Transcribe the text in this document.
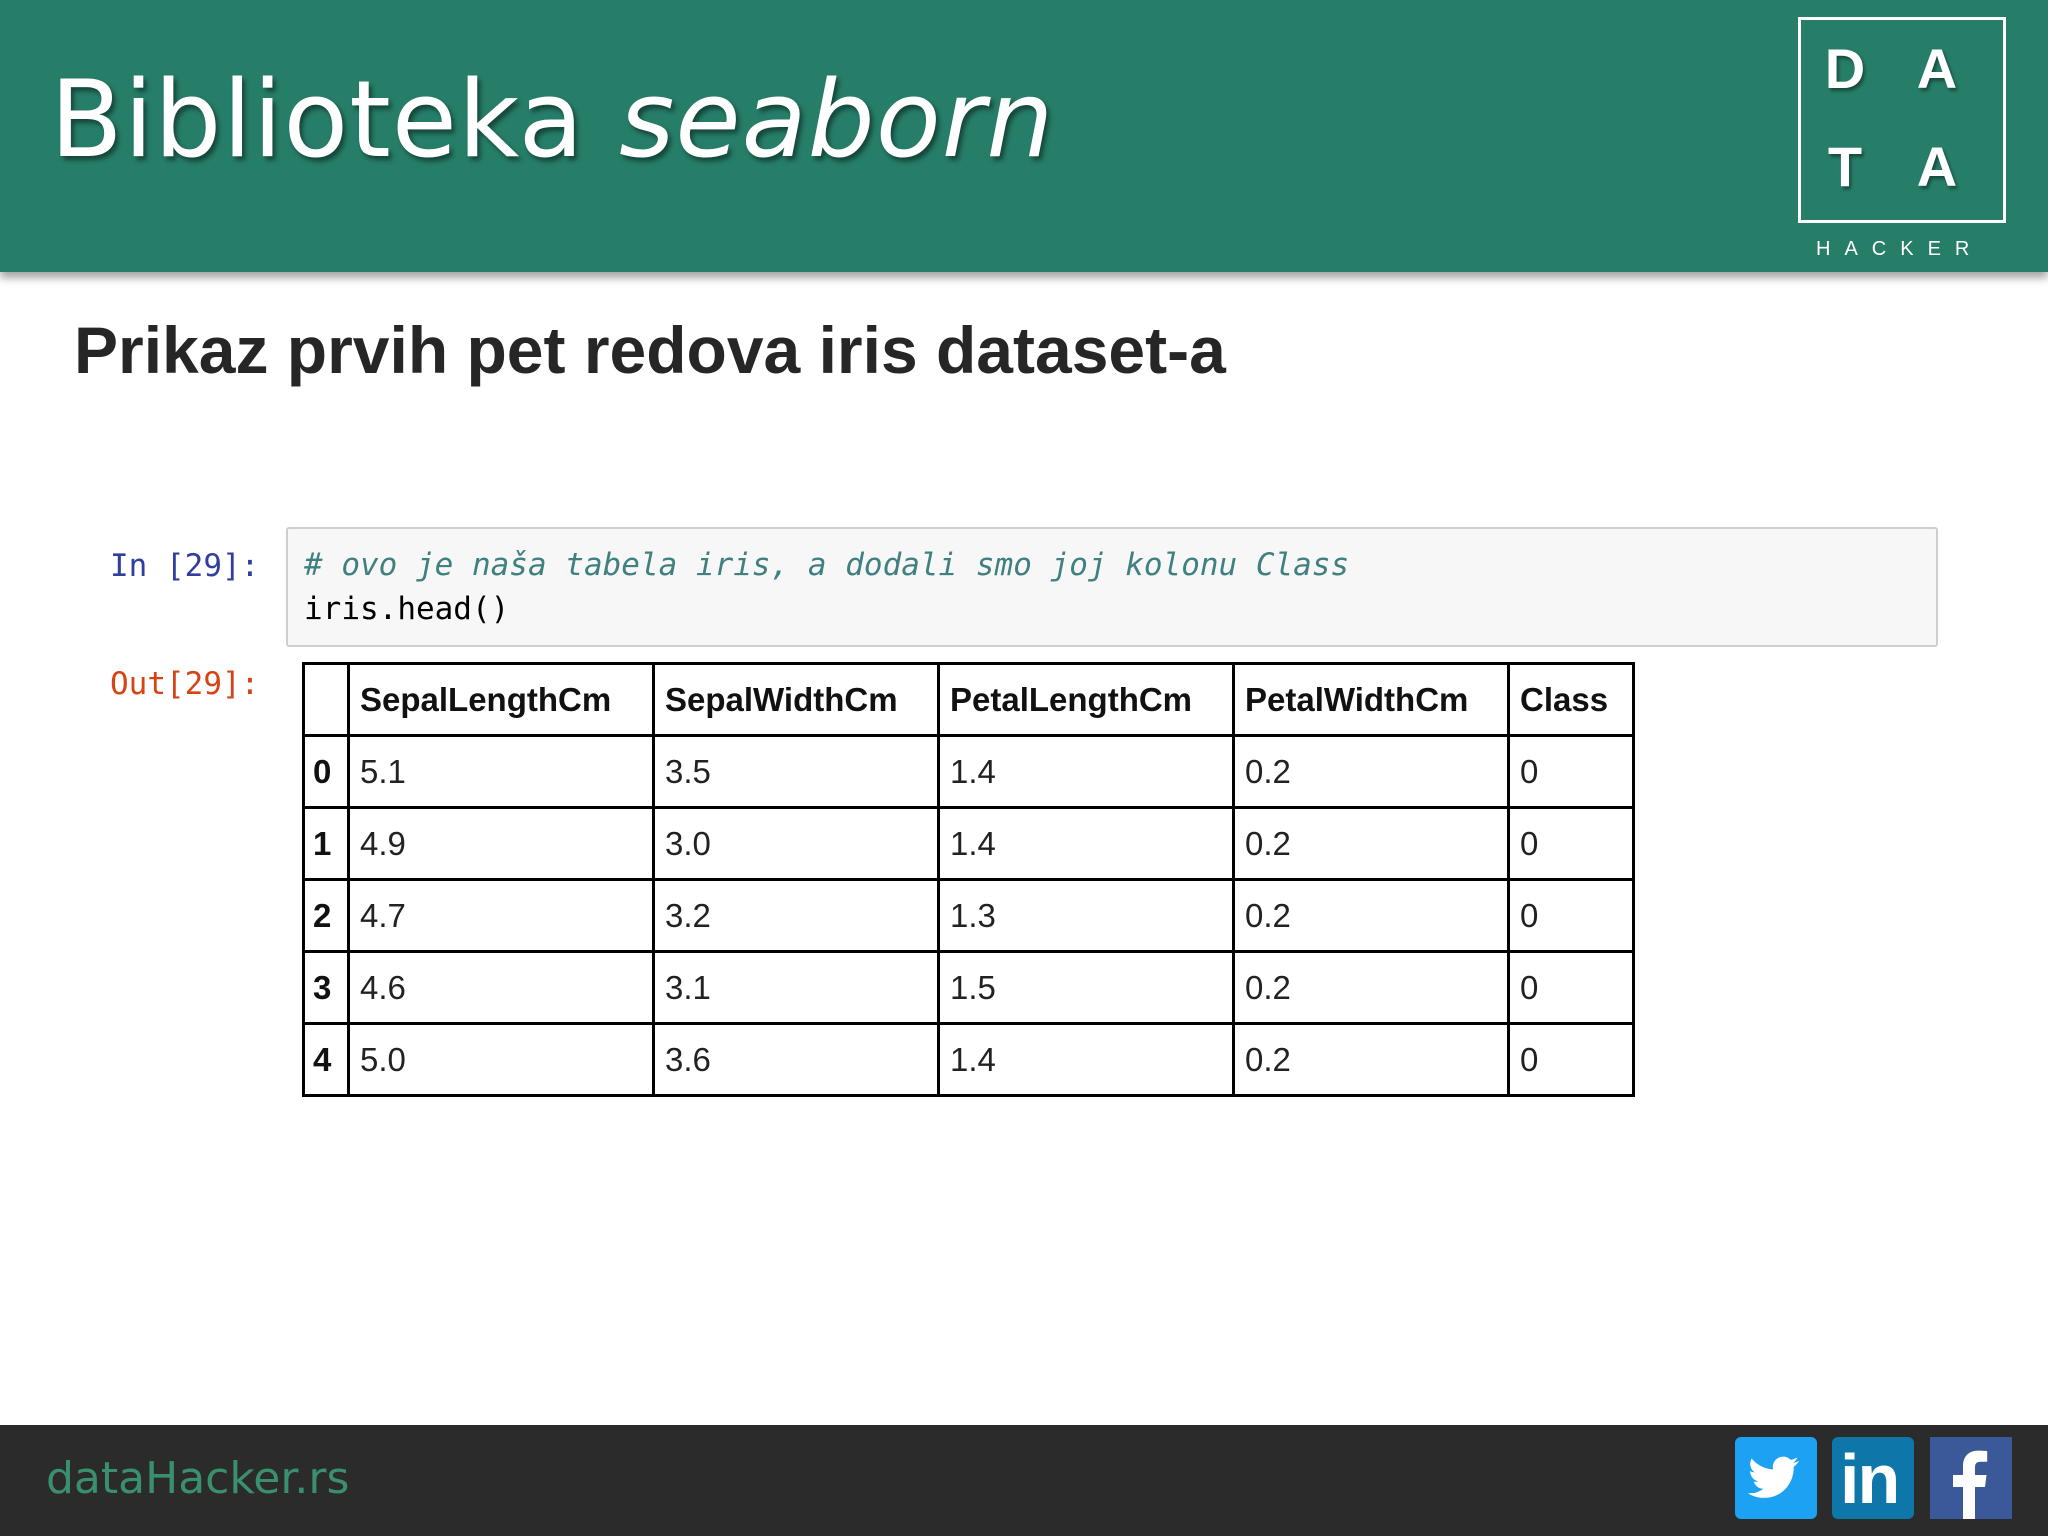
Biblioteka seaborn	D A
T A
HACKER
Prikaz prvih pet redova iris dataset-a
In [29]: # ovo je naša tabela iris, a dodali smo joj kolonu Class
iris.head()
Out[29]:
		SepalLengthCm	SepalWidthCm	PetalLengthCm	PetalWidthCm	Class
0	5.1	3.5	1.4	0.2	0
1	4.9	3.0	1.4	0.2	0
2	4.7	3.2	1.3	0.2	0
3	4.6	3.1	1.5	0.2	0
4	5.0	3.6	1.4	0.2	0
dataHacker.rs	in
